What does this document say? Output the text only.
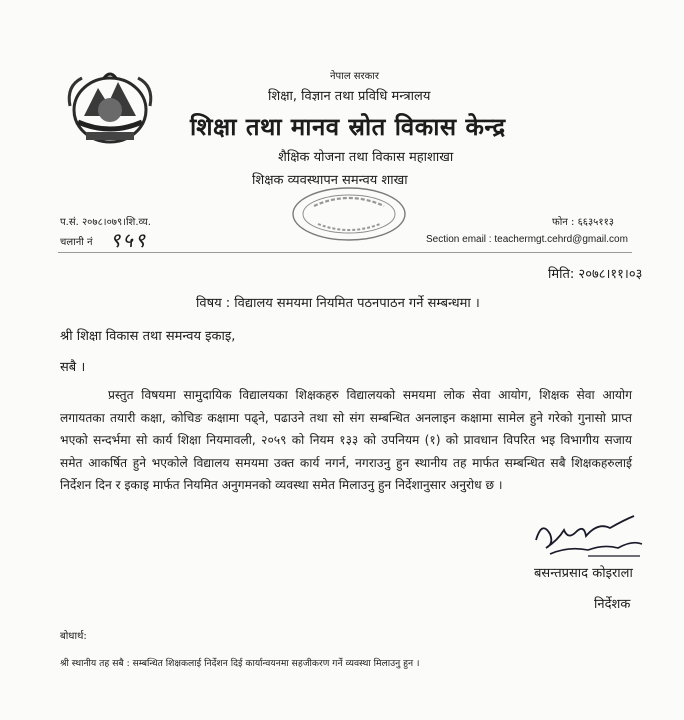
नेपाल सरकार
शिक्षा, विज्ञान तथा प्रविधि मन्त्रालय
शिक्षा तथा मानव स्रोत विकास केन्द्र
शैक्षिक योजना तथा विकास महाशाखा
शिक्षक व्यवस्थापन समन्वय शाखा
प.सं. २०७८।०७९।शि.व्य.
चलानी नं ९५९
फोन : ६६३५११३
Section email : teachermgt.cehrd@gmail.com
मिति: २०७८।११।०३
विषय : विद्यालय समयमा नियमित पठनपाठन गर्ने सम्बन्धमा ।
श्री शिक्षा विकास तथा समन्वय इकाइ,
सबै ।
प्रस्तुत विषयमा सामुदायिक विद्यालयका शिक्षकहरु विद्यालयको समयमा लोक सेवा आयोग, शिक्षक सेवा आयोग लगायतका तयारी कक्षा, कोचिङ कक्षामा पढ्ने, पढाउने तथा सो संग सम्बन्धित अनलाइन कक्षामा सामेल हुने गरेको गुनासो प्राप्त भएको सन्दर्भमा सो कार्य शिक्षा नियमावली, २०५९ को नियम १३३ को उपनियम (१) को प्रावधान विपरित भइ विभागीय सजाय समेत आकर्षित हुने भएकोले विद्यालय समयमा उक्त कार्य नगर्न, नगराउनु हुन स्थानीय तह मार्फत सम्बन्धित सबै शिक्षकहरुलाई निर्देशन दिन र इकाइ मार्फत नियमित अनुगमनको व्यवस्था समेत मिलाउनु हुन निर्देशानुसार अनुरोध छ ।
बसन्तप्रसाद कोइराला
निर्देशक
बोधार्थ:
श्री स्थानीय तह सबै : सम्बन्धित शिक्षकलाई निर्देशन दिई कार्यान्वयनमा सहजीकरण गर्ने व्यवस्था मिलाउनु हुन ।
